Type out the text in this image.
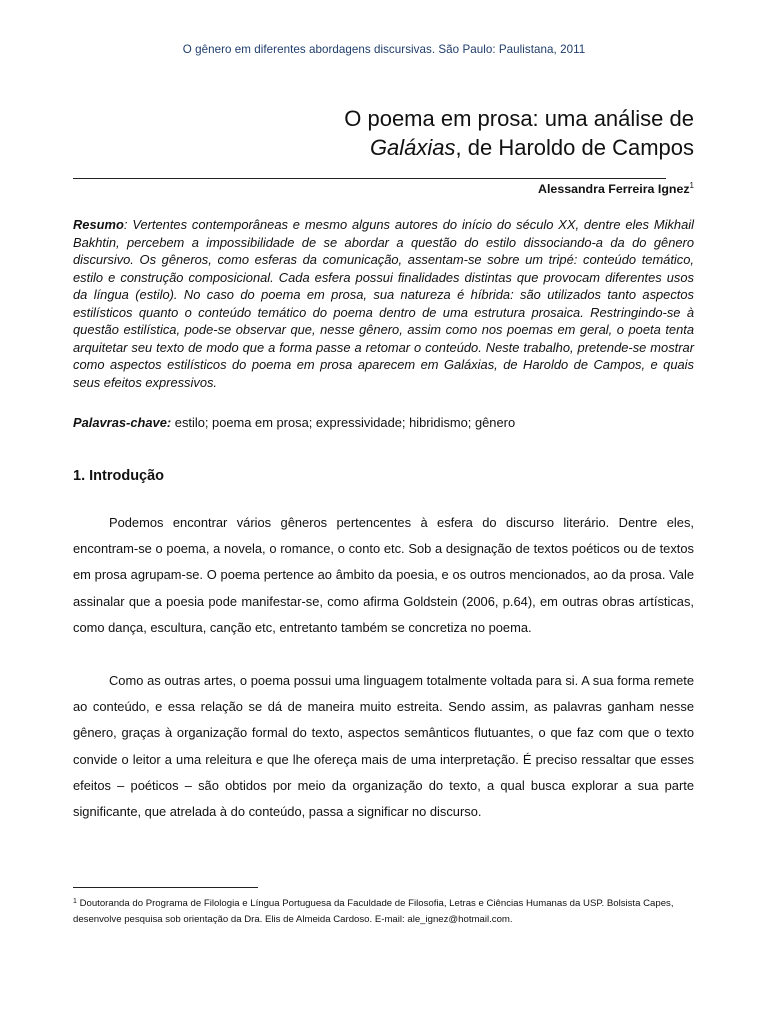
O gênero em diferentes abordagens discursivas. São Paulo: Paulistana, 2011
O poema em prosa: uma análise de
Galáxias, de Haroldo de Campos
Alessandra Ferreira Ignez$^1$

Resumo: Vertentes contemporâneas e mesmo alguns autores do início do século XX, dentre eles Mikhail Bakhtin, percebem a impossibilidade de se abordar a questão do estilo dissociando-a da do gênero discursivo. Os gêneros, como esferas da comunicação, assentam-se sobre um tripé: conteúdo temático, estilo e construção composicional. Cada esfera possui finalidades distintas que provocam diferentes usos da língua (estilo). No caso do poema em prosa, sua natureza é híbrida: são utilizados tanto aspectos estilísticos quanto o conteúdo temático do poema dentro de uma estrutura prosaica. Restringindo-se à questão estilística, pode-se observar que, nesse gênero, assim como nos poemas em geral, o poeta tenta arquitetar seu texto de modo que a forma passe a retomar o conteúdo. Neste trabalho, pretende-se mostrar como aspectos estilísticos do poema em prosa aparecem em Galáxias, de Haroldo de Campos, e quais seus efeitos expressivos.

Palavras-chave: estilo; poema em prosa; expressividade; hibridismo; gênero

1. Introdução

Podemos encontrar vários gêneros pertencentes à esfera do discurso literário. Dentre eles, encontram-se o poema, a novela, o romance, o conto etc. Sob a designação de textos poéticos ou de textos em prosa agrupam-se. O poema pertence ao âmbito da poesia, e os outros mencionados, ao da prosa. Vale assinalar que a poesia pode manifestar-se, como afirma Goldstein (2006, p.64), em outras obras artísticas, como dança, escultura, canção etc, entretanto também se concretiza no poema.

Como as outras artes, o poema possui uma linguagem totalmente voltada para si. A sua forma remete ao conteúdo, e essa relação se dá de maneira muito estreita. Sendo assim, as palavras ganham nesse gênero, graças à organização formal do texto, aspectos semânticos flutuantes, o que faz com que o texto convide o leitor a uma releitura e que lhe ofereça mais de uma interpretação. É preciso ressaltar que esses efeitos – poéticos – são obtidos por meio da organização do texto, a qual busca explorar a sua parte significante, que atrelada à do conteúdo, passa a significar no discurso.

$^1$ Doutoranda do Programa de Filologia e Língua Portuguesa da Faculdade de Filosofia, Letras e Ciências Humanas da USP. Bolsista Capes, desenvolve pesquisa sob orientação da Dra. Elis de Almeida Cardoso. E-mail: ale_ignez@hotmail.com.
